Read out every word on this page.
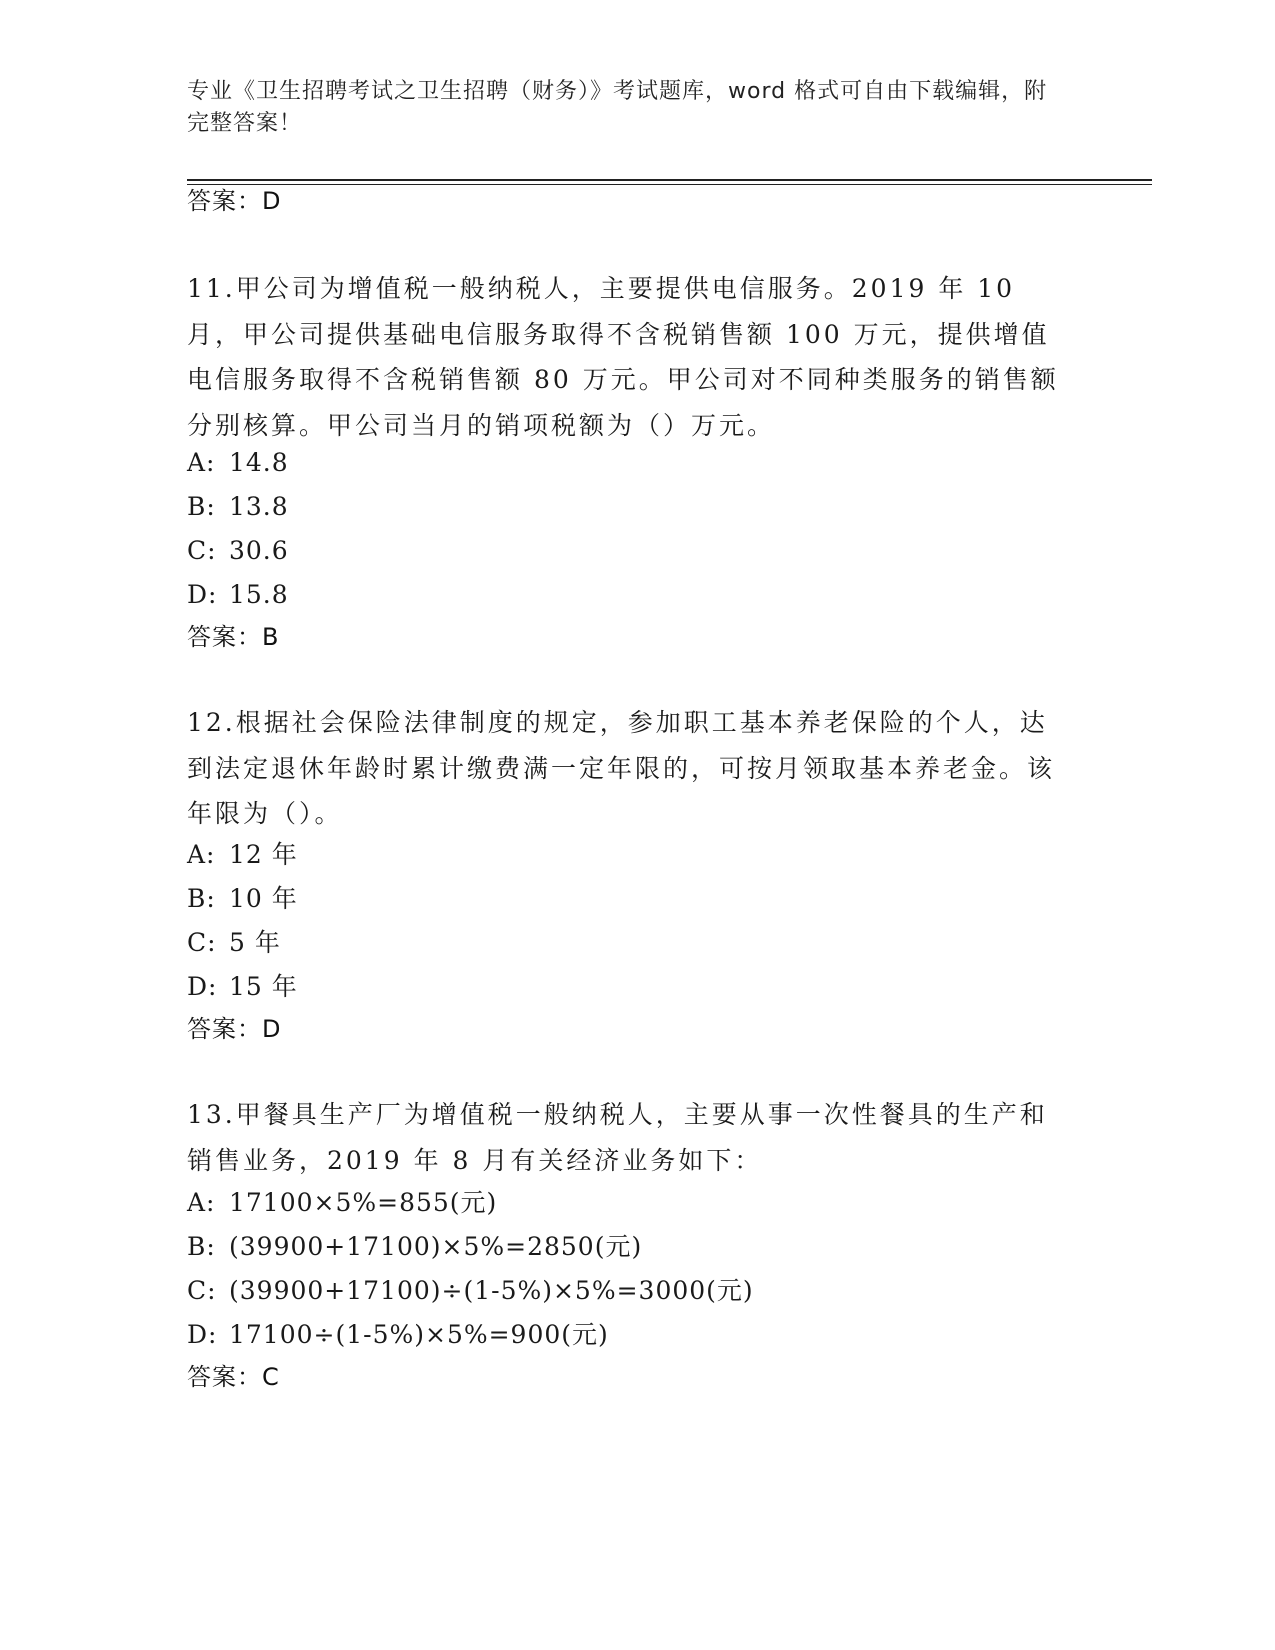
专业《卫生招聘考试之卫生招聘（财务）》考试题库，word 格式可自由下载编辑，附完整答案！
答案：D
11.甲公司为增值税一般纳税人，主要提供电信服务。2019 年 10 月，甲公司提供基础电信服务取得不含税销售额 100 万元，提供增值电信服务取得不含税销售额 80 万元。甲公司对不同种类服务的销售额分别核算。甲公司当月的销项税额为（）万元。
A: 14.8
B: 13.8
C: 30.6
D: 15.8
答案：B
12.根据社会保险法律制度的规定，参加职工基本养老保险的个人，达到法定退休年龄时累计缴费满一定年限的，可按月领取基本养老金。该年限为（）。
A: 12 年
B: 10 年
C: 5 年
D: 15 年
答案：D
13.甲餐具生产厂为增值税一般纳税人，主要从事一次性餐具的生产和销售业务，2019 年 8 月有关经济业务如下：
A: 17100×5%=855(元)
B: (39900+17100)×5%=2850(元)
C: (39900+17100)÷(1-5%)×5%=3000(元)
D: 17100÷(1-5%)×5%=900(元)
答案：C
